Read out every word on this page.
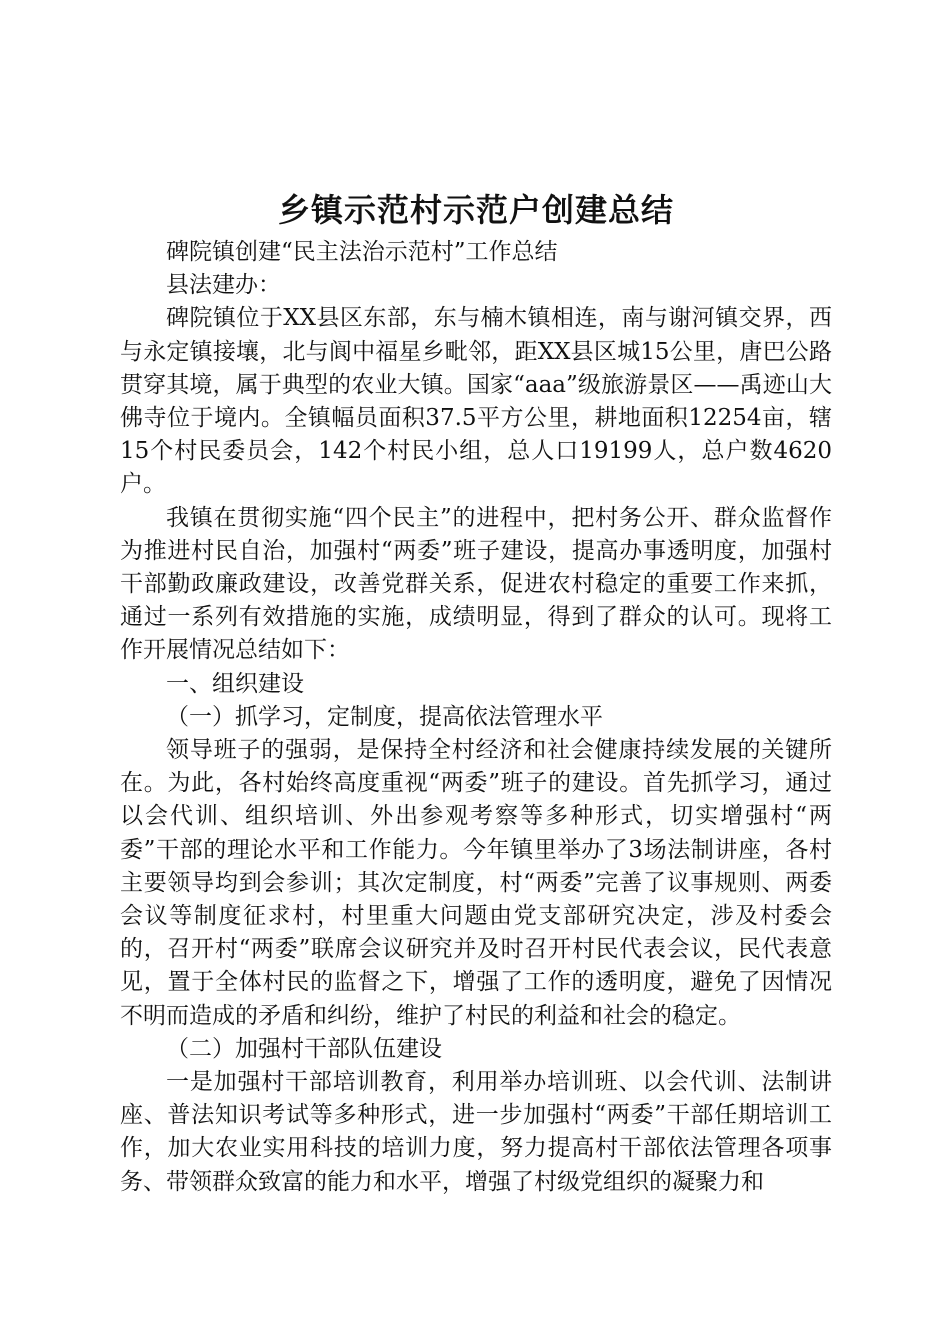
乡镇示范村示范户创建总结

碑院镇创建“民主法治示范村”工作总结

县法建办：

碑院镇位于XX县区东部，东与楠木镇相连，南与谢河镇交界，西与永定镇接壤，北与阆中福星乡毗邻，距XX县区城15公里，唐巴公路贯穿其境，属于典型的农业大镇。国家“aaa”级旅游景区——禹迹山大佛寺位于境内。全镇幅员面积37.5平方公里，耕地面积12254亩，辖15个村民委员会，142个村民小组，总人口19199人，总户数4620户。

我镇在贯彻实施“四个民主”的进程中，把村务公开、群众监督作为推进村民自治，加强村“两委”班子建设，提高办事透明度，加强村干部勤政廉政建设，改善党群关系，促进农村稳定的重要工作来抓，通过一系列有效措施的实施，成绩明显，得到了群众的认可。现将工作开展情况总结如下：

一、组织建设

（一）抓学习，定制度，提高依法管理水平

领导班子的强弱，是保持全村经济和社会健康持续发展的关键所在。为此，各村始终高度重视“两委”班子的建设。首先抓学习，通过以会代训、组织培训、外出参观考察等多种形式，切实增强村“两委”干部的理论水平和工作能力。今年镇里举办了3场法制讲座，各村主要领导均到会参训；其次定制度，村“两委”完善了议事规则、两委会议等制度征求村，村里重大问题由党支部研究决定，涉及村委会的，召开村“两委”联席会议研究并及时召开村民代表会议，民代表意见，置于全体村民的监督之下，增强了工作的透明度，避免了因情况不明而造成的矛盾和纠纷，维护了村民的利益和社会的稳定。

（二）加强村干部队伍建设

一是加强村干部培训教育，利用举办培训班、以会代训、法制讲座、普法知识考试等多种形式，进一步加强村“两委”干部任期培训工作，加大农业实用科技的培训力度，努力提高村干部依法管理各项事务、带领群众致富的能力和水平，增强了村级党组织的凝聚力和
